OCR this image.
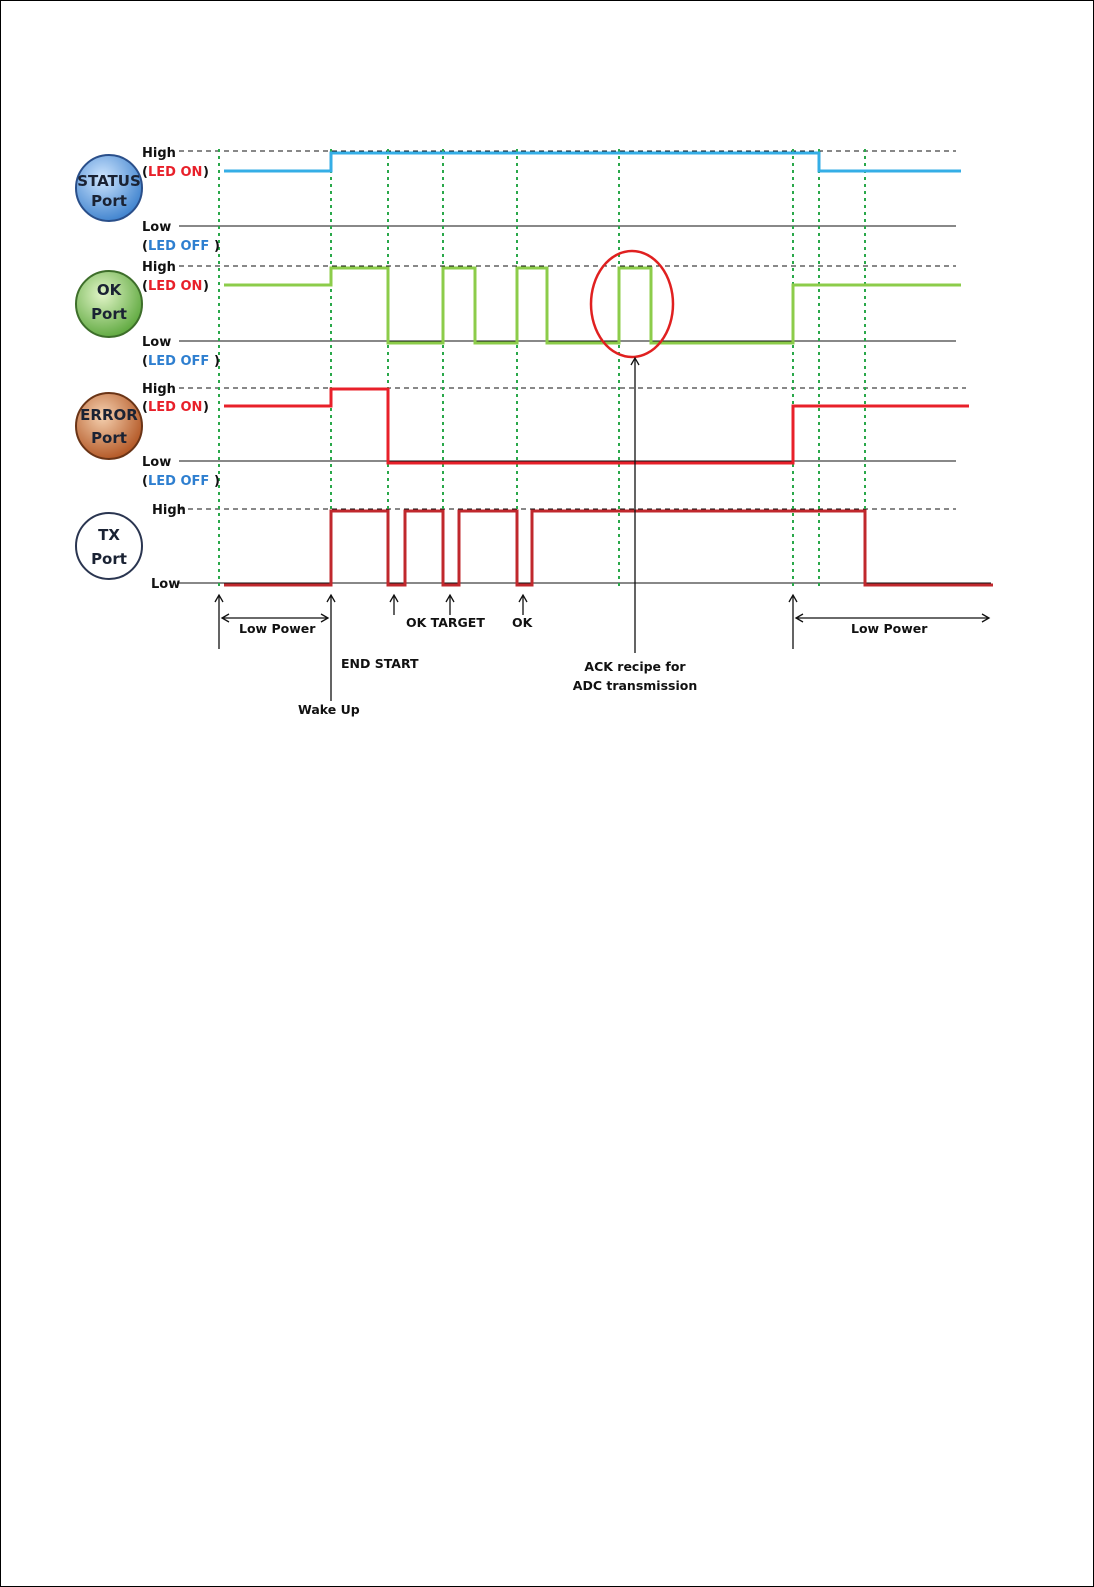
High
( LED ON )
Low
( LED OFF )
High
( LED ON )
Low
( LED OFF )
High
( LED ON )
Low
( LED OFF )
High
Low
STATUS
Port
OK
Port
ERROR
Port
TX
Port
Low Power
END START
OK TARGET OK
ACK recipe for
ADC transmission
Wake Up
Low Power
